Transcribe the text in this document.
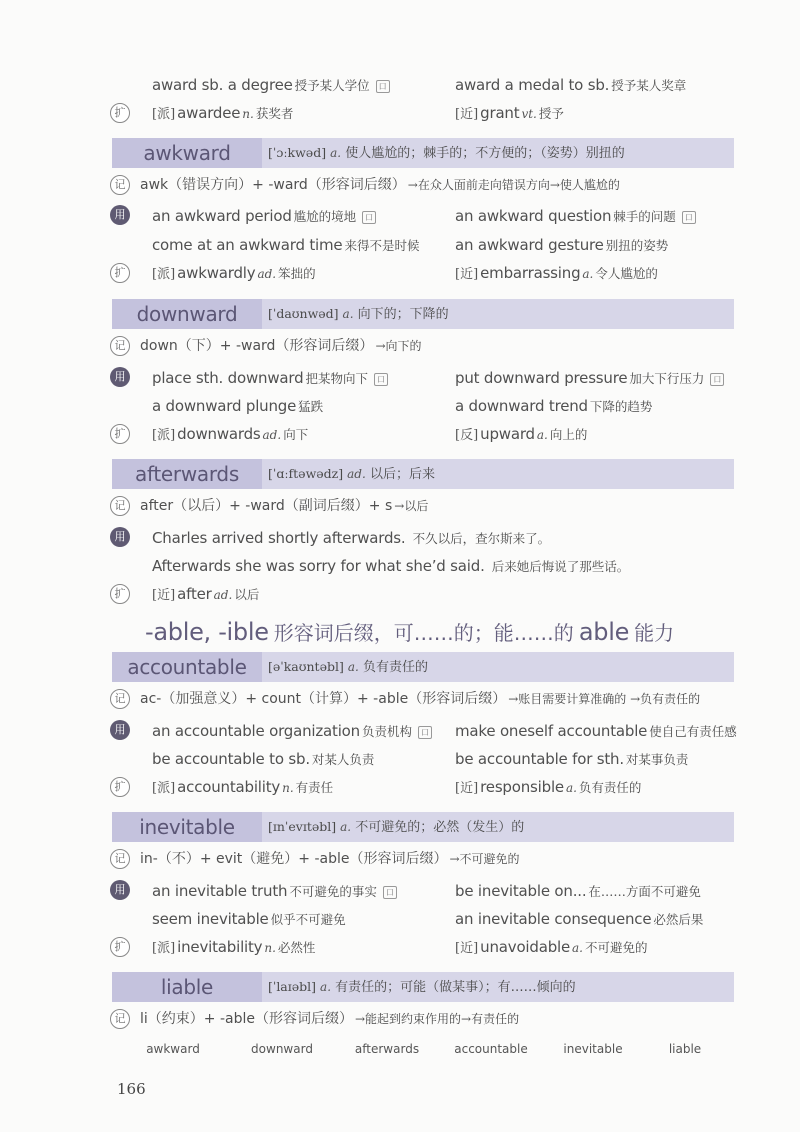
award sb. a degree 授予某人学位 口	award a medal to sb. 授予某人奖章
扩	[派] awardee n. 获奖者	[近] grant vt. 授予
awkward	[ˈɔːkwəd] a. 使人尴尬的；棘手的；不方便的；（姿势）别扭的
记	awk（错误方向）+ -ward（形容词后缀） →在众人面前走向错误方向→使人尴尬的
用	an awkward period 尴尬的境地 口	an awkward question 棘手的问题 口
come at an awkward time 来得不是时候 an awkward gesture 别扭的姿势
扩	[派] awkwardly ad. 笨拙的	[近] embarrassing a. 令人尴尬的
downward	[ˈdaʊnwəd] a. 向下的；下降的
记	down（下）+ -ward（形容词后缀） →向下的
用	place sth. downward 把某物向下 口	put downward pressure 加大下行压力 口
a downward plunge 猛跌	a downward trend 下降的趋势
扩	[派] downwards ad. 向下	[反] upward a. 向上的
afterwards	[ˈɑːftəwədz] ad. 以后；后来
记	after（以后）+ -ward（副词后缀）+ s →以后
用	Charles arrived shortly afterwards. 不久以后，查尔斯来了。
Afterwards she was sorry for what she’d said. 后来她后悔说了那些话。
扩	[近] after ad. 以后
-able, -ible 形容词后缀，可……的；能……的 able 能力
accountable	[əˈkaʊntəbl] a. 负有责任的
记	ac-（加强意义）+ count（计算）+ -able（形容词后缀） →账目需要计算准确的 →负有责任的
用	an accountable organization 负责机构 口 make oneself accountable 使自己有责任感
be accountable to sb. 对某人负责	be accountable for sth. 对某事负责
扩	[派] accountability n. 有责任	[近] responsible a. 负有责任的
inevitable	[ɪnˈevɪtəbl] a. 不可避免的；必然（发生）的
记	in-（不）+ evit（避免）+ -able（形容词后缀） →不可避免的
用	an inevitable truth 不可避免的事实 口	be inevitable on... 在……方面不可避免
seem inevitable 似乎不可避免	an inevitable consequence 必然后果
扩	[派] inevitability n. 必然性	[近] unavoidable a. 不可避免的
liable	[ˈlaɪəbl] a. 有责任的；可能（做某事）；有……倾向的
记	li（约束）+ -able（形容词后缀） →能起到约束作用的→有责任的
awkward	downward	afterwards	accountable	inevitable	liable
166
